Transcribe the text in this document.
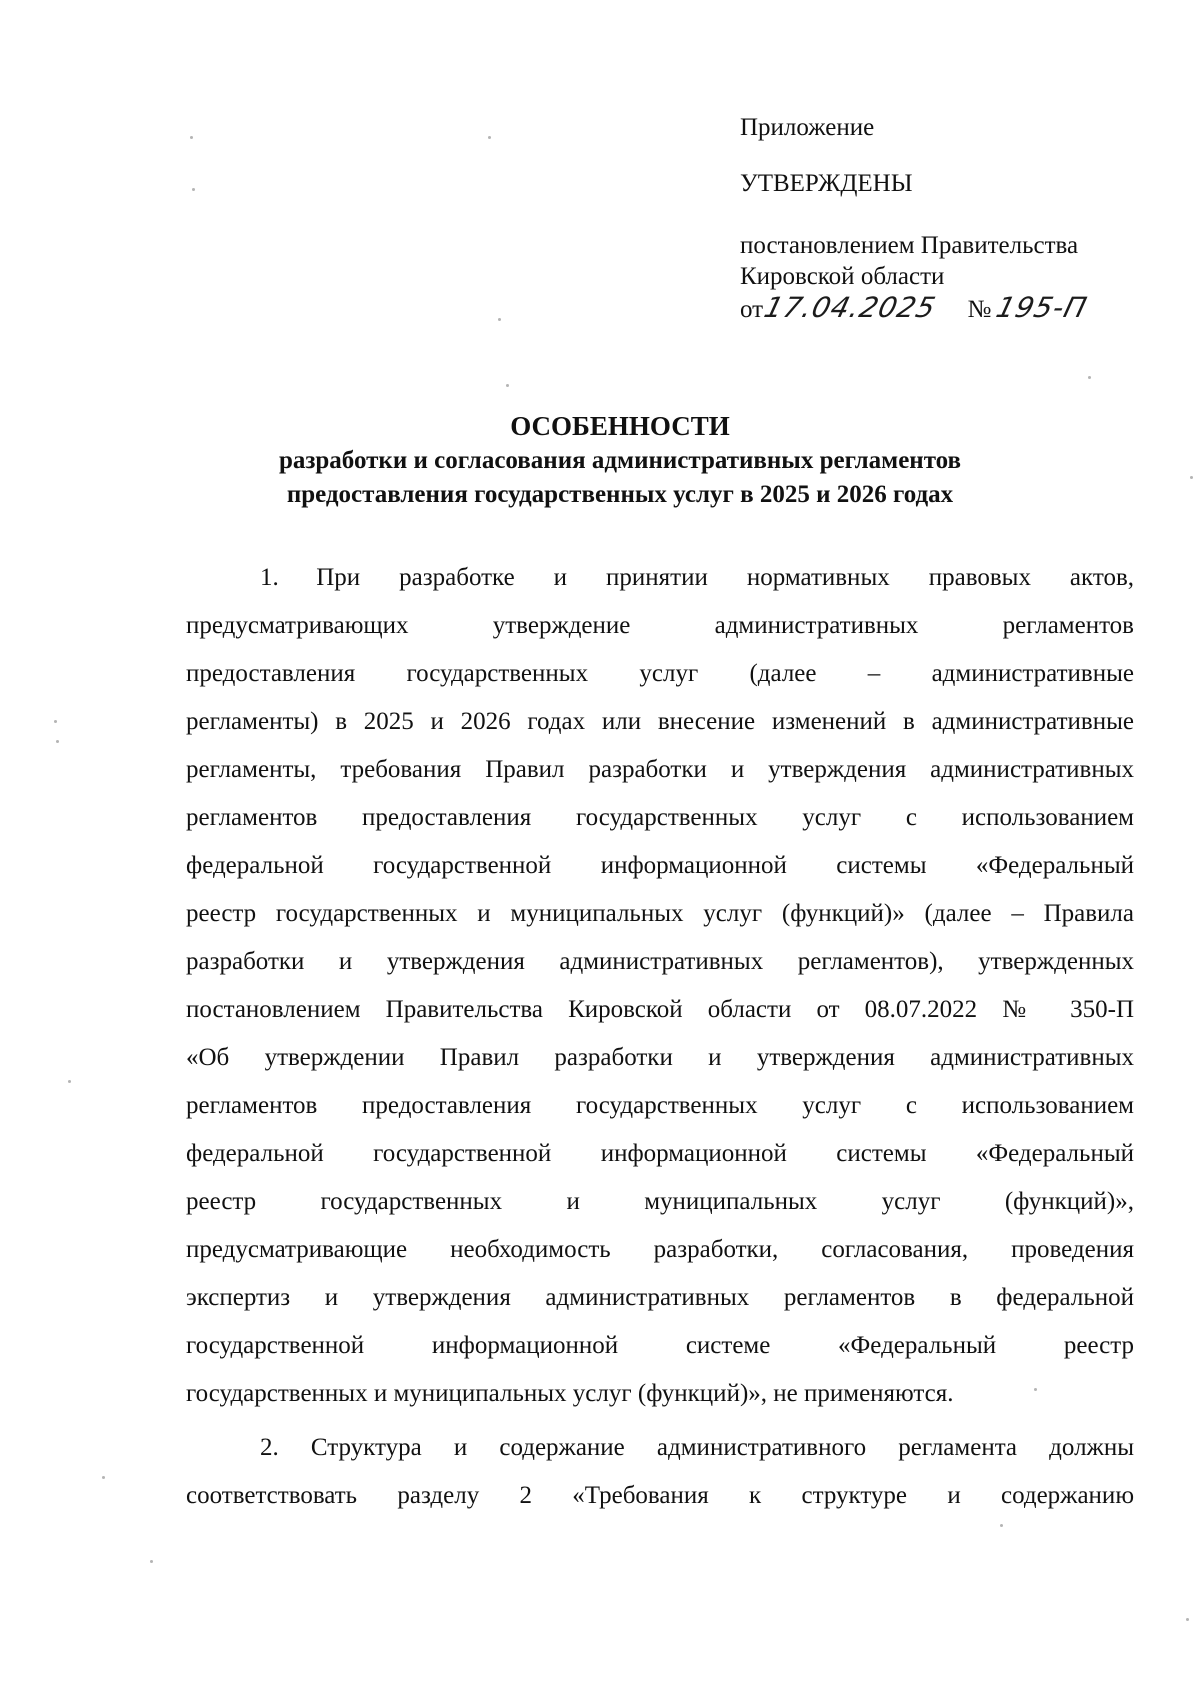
Приложение
УТВЕРЖДЕНЫ
постановлением Правительства
Кировской области
от17.04.2025 №195-П
ОСОБЕННОСТИ
разработки и согласования административных регламентов
предоставления государственных услуг в 2025 и 2026 годах
1.  При разработке и принятии нормативных правовых актов,
предусматривающих утверждение административных регламентов
предоставления государственных услуг (далее – административные
регламенты) в 2025 и 2026 годах или внесение изменений в административные
регламенты, требования Правил разработки и утверждения административных
регламентов предоставления государственных услуг с использованием
федеральной государственной информационной системы «Федеральный
реестр государственных и муниципальных услуг (функций)» (далее – Правила
разработки и утверждения административных регламентов), утвержденных
постановлением Правительства Кировской области от 08.07.2022 № 350-П
«Об утверждении Правил разработки и утверждения административных
регламентов предоставления государственных услуг с использованием
федеральной государственной информационной системы «Федеральный
реестр государственных и муниципальных услуг (функций)»,
предусматривающие необходимость разработки, согласования, проведения
экспертиз и утверждения административных регламентов в федеральной
государственной информационной системе «Федеральный реестр
государственных и муниципальных услуг (функций)», не применяются.
2. Структура и содержание административного регламента должны
соответствовать разделу 2 «Требования к структуре и содержанию
